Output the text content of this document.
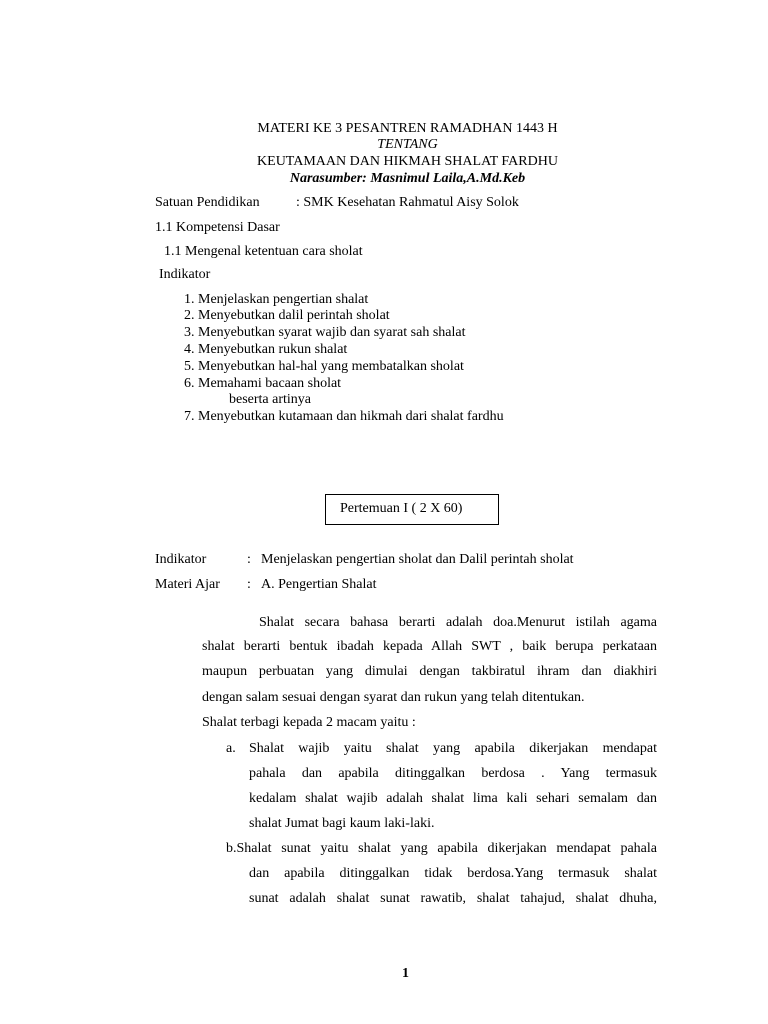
MATERI KE 3 PESANTREN RAMADHAN 1443 H
TENTANG
KEUTAMAAN DAN HIKMAH SHALAT FARDHU
Narasumber: Masnimul Laila,A.Md.Keb
Satuan Pendidikan	: SMK Kesehatan Rahmatul Aisy Solok
1.1 Kompetensi Dasar
1.1 Mengenal ketentuan cara sholat
Indikator
1. Menjelaskan pengertian shalat
2. Menyebutkan dalil perintah sholat
3. Menyebutkan syarat wajib dan syarat sah shalat
4. Menyebutkan rukun shalat
5. Menyebutkan hal-hal yang membatalkan sholat
6. Memahami bacaan sholat
beserta artinya
7. Menyebutkan kutamaan dan hikmah dari shalat fardhu
Pertemuan I ( 2 X 60)
Indikator	: Menjelaskan pengertian sholat dan Dalil perintah sholat
Materi Ajar : A. Pengertian Shalat
Shalat secara bahasa berarti adalah doa.Menurut istilah agama
shalat berarti bentuk ibadah kepada Allah SWT , baik berupa perkataan
maupun perbuatan yang dimulai dengan takbiratul ihram dan diakhiri
dengan salam sesuai dengan syarat dan rukun yang telah ditentukan.
Shalat terbagi kepada 2 macam yaitu :
a. Shalat wajib yaitu shalat yang apabila dikerjakan mendapat
pahala dan apabila ditinggalkan berdosa . Yang termasuk
kedalam shalat wajib adalah shalat lima kali sehari semalam dan
shalat Jumat bagi kaum laki-laki.
b.Shalat sunat yaitu shalat yang apabila dikerjakan mendapat pahala
dan apabila ditinggalkan tidak berdosa.Yang termasuk shalat
sunat adalah shalat sunat rawatib, shalat tahajud, shalat dhuha,
1
